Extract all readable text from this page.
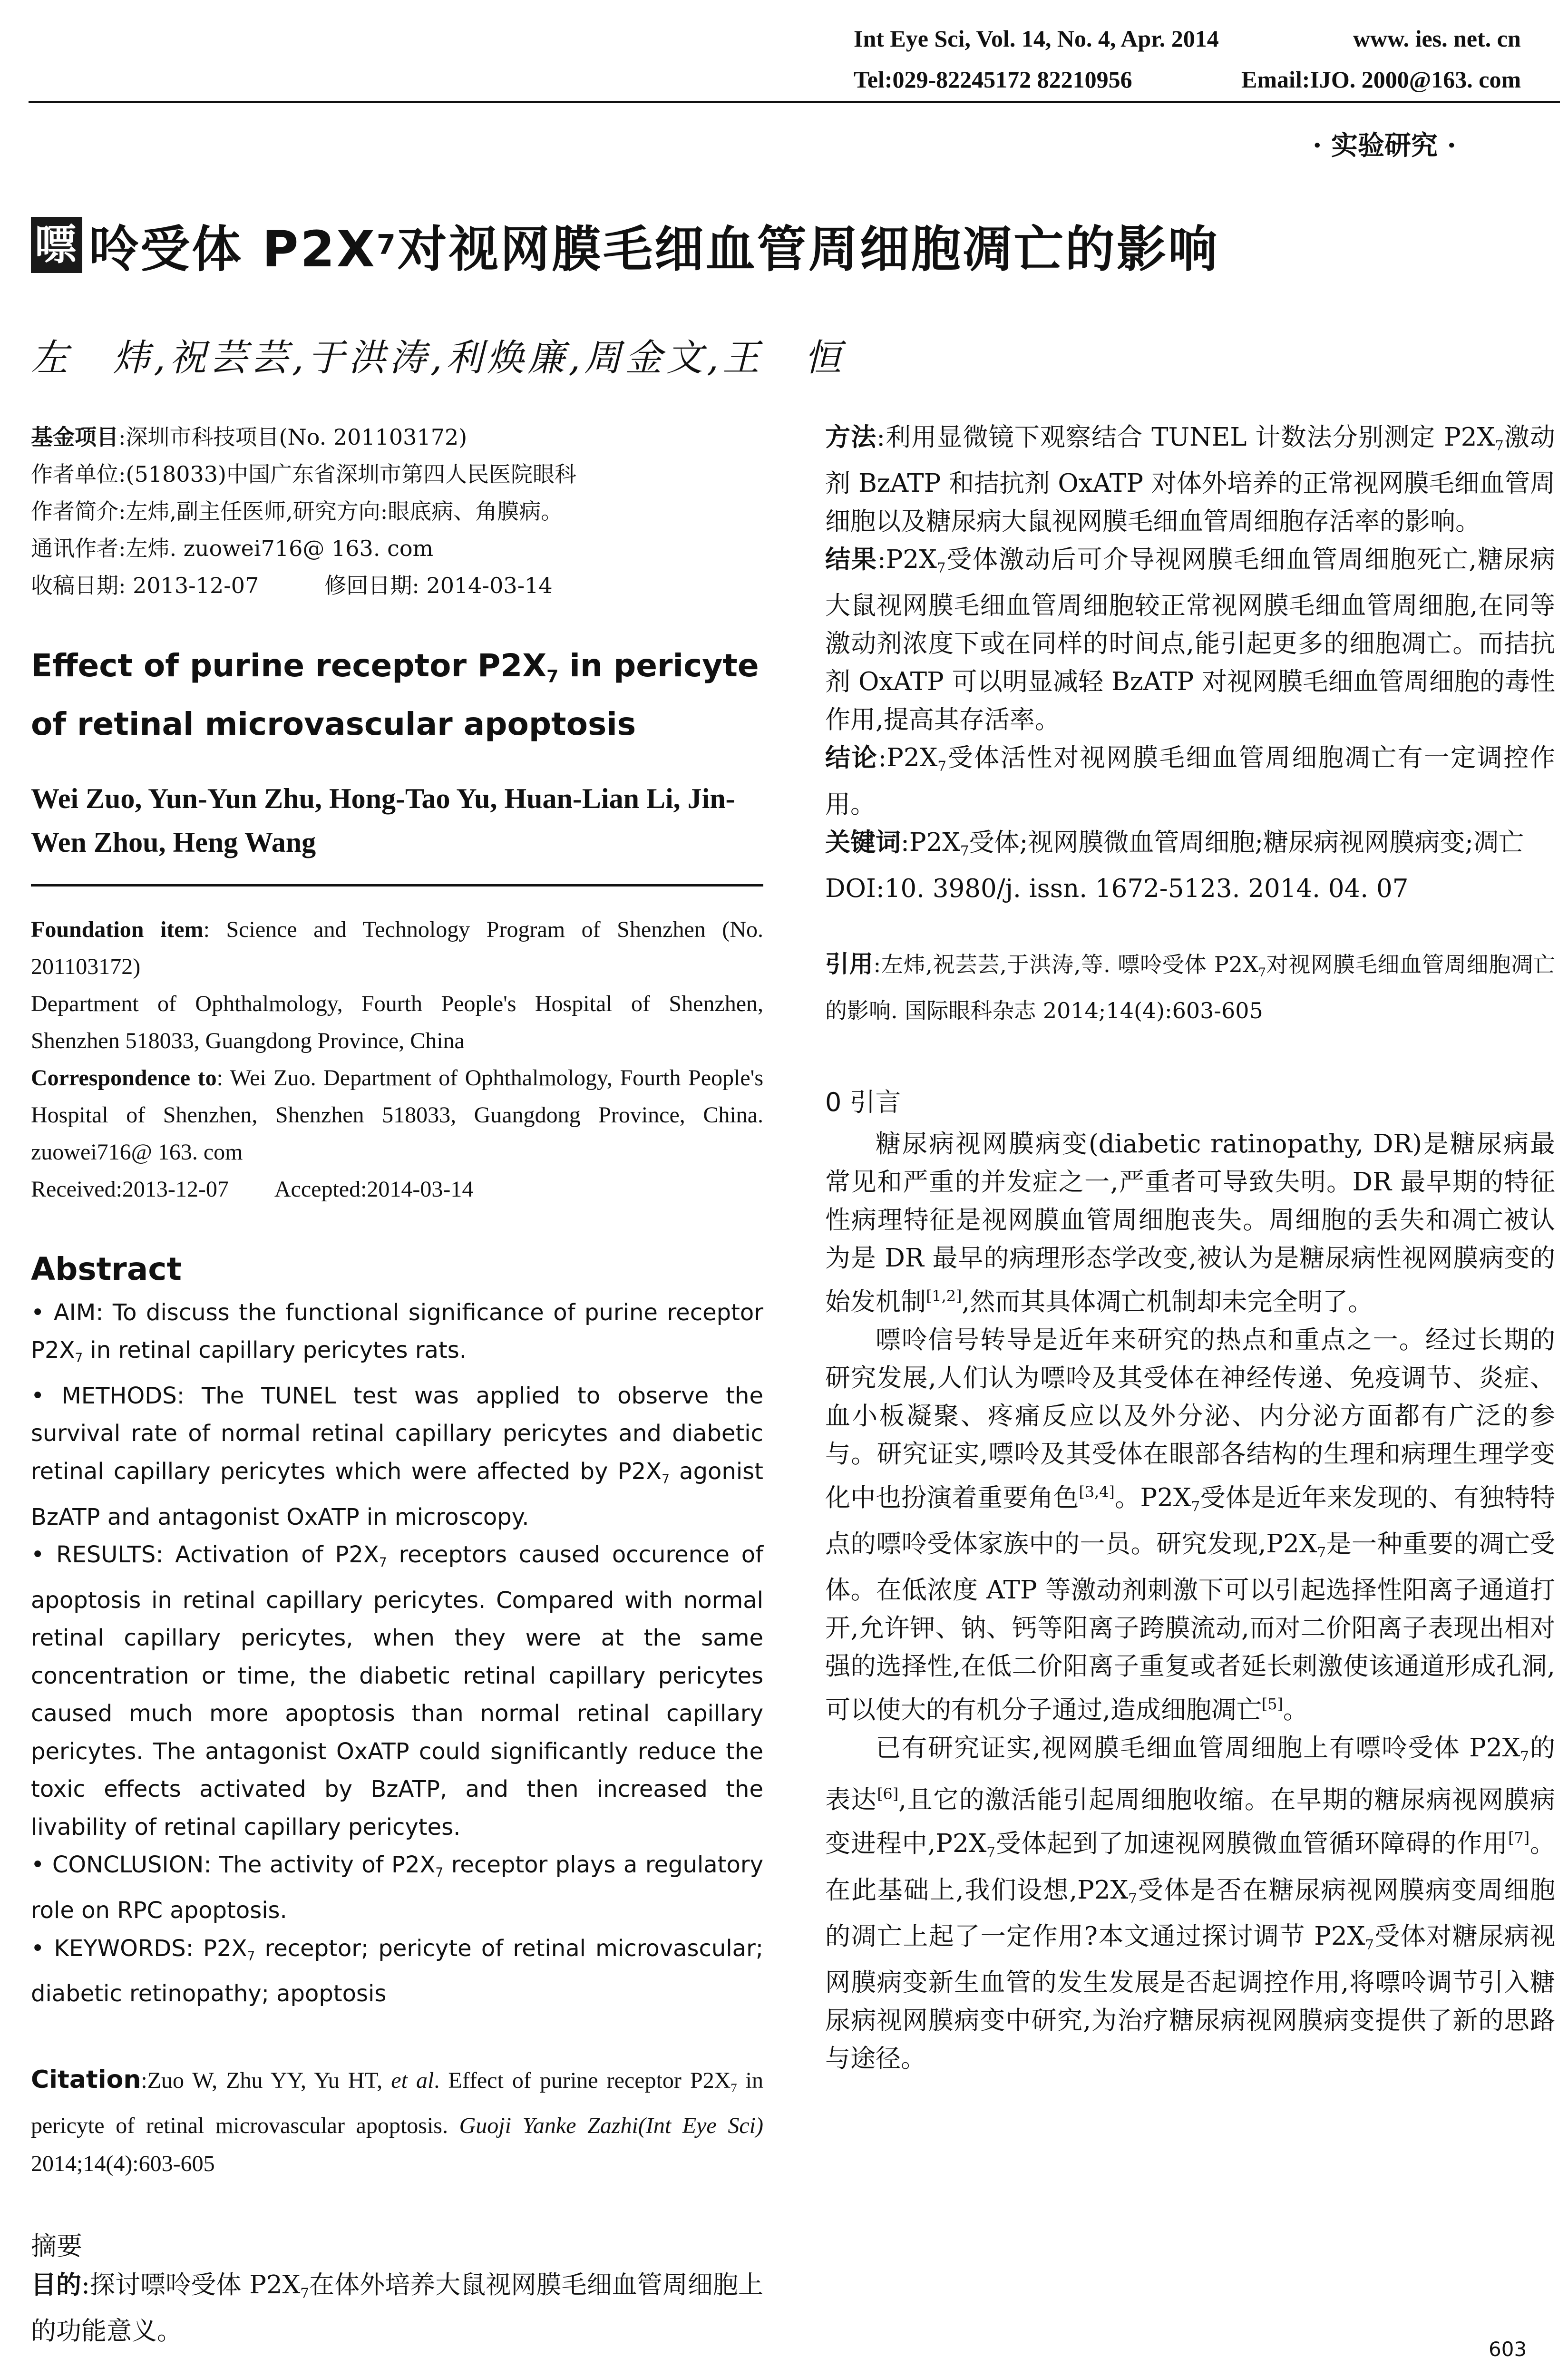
Int Eye Sci, Vol. 14, No. 4, Apr. 2014	www. ies. net. cn
Tel:029-82245172 82210956	Email:IJO. 2000@163. com
· 实验研究 ·
嘌 呤受体 P2X 7 对视网膜毛细血管周细胞凋亡的影响
左　炜,祝芸芸,于洪涛,利焕廉,周金文,王　恒
基金项目:深圳市科技项目(No. 201103172)
作者单位:(518033)中国广东省深圳市第四人民医院眼科
作者简介:左炜,副主任医师,研究方向:眼底病、角膜病。
通讯作者:左炜. zuowei716@ 163. com
收稿日期: 2013-12-07　　　修回日期: 2014-03-14
Effect of purine receptor P2X7 in pericyte of retinal microvascular apoptosis
Wei Zuo, Yun-Yun Zhu, Hong-Tao Yu, Huan-Lian Li, Jin-Wen Zhou, Heng Wang
Foundation item: Science and Technology Program of Shenzhen (No. 201103172)
Department of Ophthalmology, Fourth People's Hospital of Shenzhen, Shenzhen 518033, Guangdong Province, China
Correspondence to: Wei Zuo. Department of Ophthalmology, Fourth People's Hospital of Shenzhen, Shenzhen 518033, Guangdong Province, China. zuowei716@ 163. com
Received:2013-12-07　　Accepted:2014-03-14
Abstract

• AIM: To discuss the functional significance of purine receptor P2X7 in retinal capillary pericytes rats.

• METHODS: The TUNEL test was applied to observe the survival rate of normal retinal capillary pericytes and diabetic retinal capillary pericytes which were affected by P2X7 agonist BzATP and antagonist OxATP in microscopy.

• RESULTS: Activation of P2X7 receptors caused occurence of apoptosis in retinal capillary pericytes. Compared with normal retinal capillary pericytes, when they were at the same concentration or time, the diabetic retinal capillary pericytes caused much more apoptosis than normal retinal capillary pericytes. The antagonist OxATP could significantly reduce the toxic effects activated by BzATP, and then increased the livability of retinal capillary pericytes.

• CONCLUSION: The activity of P2X7 receptor plays a regulatory role on RPC apoptosis.

• KEYWORDS: P2X7 receptor; pericyte of retinal microvascular; diabetic retinopathy; apoptosis

Citation:Zuo W, Zhu YY, Yu HT, et al. Effect of purine receptor P2X7 in pericyte of retinal microvascular apoptosis. Guoji Yanke Zazhi(Int Eye Sci) 2014;14(4):603-605
摘要
目的:探讨嘌呤受体 P2X7在体外培养大鼠视网膜毛细血管周细胞上的功能意义。
方法:利用显微镜下观察结合 TUNEL 计数法分别测定 P2X7激动剂 BzATP 和拮抗剂 OxATP 对体外培养的正常视网膜毛细血管周细胞以及糖尿病大鼠视网膜毛细血管周细胞存活率的影响。
结果:P2X7受体激动后可介导视网膜毛细血管周细胞死亡,糖尿病大鼠视网膜毛细血管周细胞较正常视网膜毛细血管周细胞,在同等激动剂浓度下或在同样的时间点,能引起更多的细胞凋亡。而拮抗剂 OxATP 可以明显减轻 BzATP 对视网膜毛细血管周细胞的毒性作用,提高其存活率。
结论:P2X7受体活性对视网膜毛细血管周细胞凋亡有一定调控作用。
关键词:P2X7受体;视网膜微血管周细胞;糖尿病视网膜病变;凋亡
DOI:10. 3980/j. issn. 1672-5123. 2014. 04. 07
引用:左炜,祝芸芸,于洪涛,等. 嘌呤受体 P2X7对视网膜毛细血管周细胞凋亡的影响. 国际眼科杂志 2014;14(4):603-605
0 引言

糖尿病视网膜病变(diabetic ratinopathy, DR)是糖尿病最常见和严重的并发症之一,严重者可导致失明。DR 最早期的特征性病理特征是视网膜血管周细胞丧失。周细胞的丢失和凋亡被认为是 DR 最早的病理形态学改变,被认为是糖尿病性视网膜病变的始发机制[1,2],然而其具体凋亡机制却未完全明了。

嘌呤信号转导是近年来研究的热点和重点之一。经过长期的研究发展,人们认为嘌呤及其受体在神经传递、免疫调节、炎症、血小板凝聚、疼痛反应以及外分泌、内分泌方面都有广泛的参与。研究证实,嘌呤及其受体在眼部各结构的生理和病理生理学变化中也扮演着重要角色[3,4]。P2X7受体是近年来发现的、有独特特点的嘌呤受体家族中的一员。研究发现,P2X7是一种重要的凋亡受体。在低浓度 ATP 等激动剂刺激下可以引起选择性阳离子通道打开,允许钾、钠、钙等阳离子跨膜流动,而对二价阳离子表现出相对强的选择性,在低二价阳离子重复或者延长刺激使该通道形成孔洞,可以使大的有机分子通过,造成细胞凋亡[5]。

已有研究证实,视网膜毛细血管周细胞上有嘌呤受体 P2X7的表达[6],且它的激活能引起周细胞收缩。在早期的糖尿病视网膜病变进程中,P2X7受体起到了加速视网膜微血管循环障碍的作用[7]。在此基础上,我们设想,P2X7受体是否在糖尿病视网膜病变周细胞的凋亡上起了一定作用?本文通过探讨调节 P2X7受体对糖尿病视网膜病变新生血管的发生发展是否起调控作用,将嘌呤调节引入糖尿病视网膜病变中研究,为治疗糖尿病视网膜病变提供了新的思路与途径。

603
